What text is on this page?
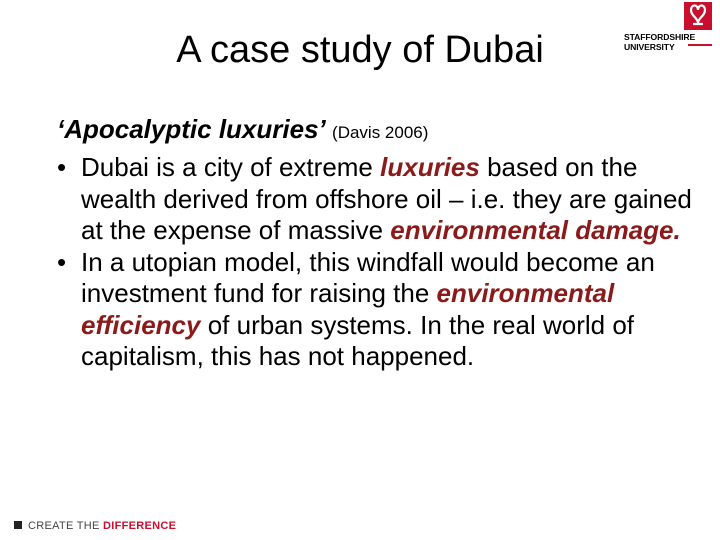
A case study of Dubai	STAFFORDSHIRE
UNIVERSITY
‘Apocalyptic luxuries’ (Davis 2006)
• Dubai is a city of extreme luxuries based on the wealth derived from offshore oil – i.e. they are gained at the expense of massive environmental damage.
• In a utopian model, this windfall would become an investment fund for raising the environmental efficiency of urban systems. In the real world of capitalism, this has not happened.
CREATE THE DIFFERENCE
